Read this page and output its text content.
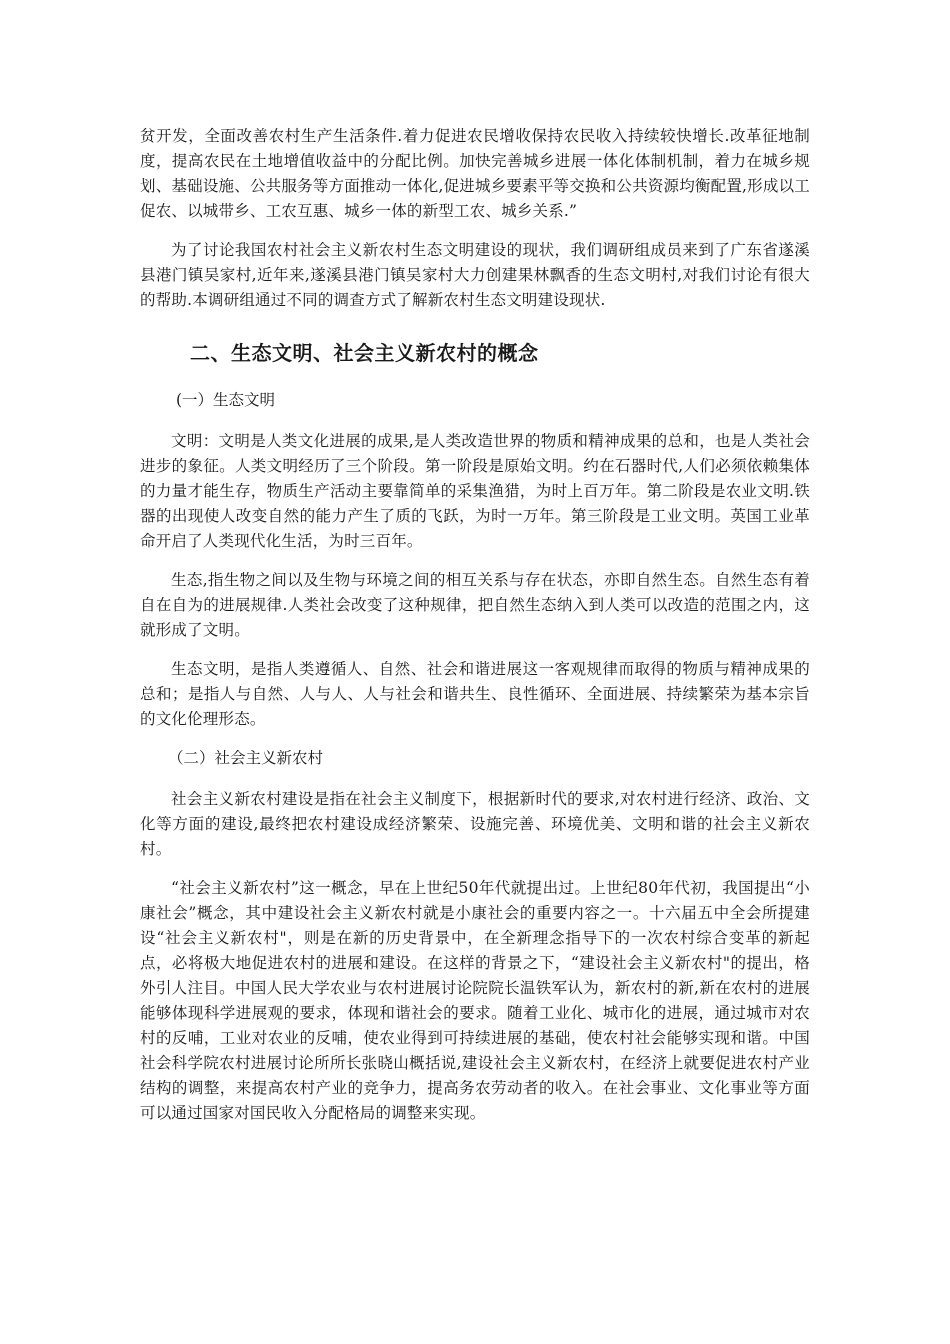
贫开发，全面改善农村生产生活条件.着力促进农民增收保持农民收入持续较快增长.改革征地制度，提高农民在土地增值收益中的分配比例。加快完善城乡进展一体化体制机制，着力在城乡规划、基础设施、公共服务等方面推动一体化,促进城乡要素平等交换和公共资源均衡配置,形成以工促农、以城带乡、工农互惠、城乡一体的新型工农、城乡关系.”

为了讨论我国农村社会主义新农村生态文明建设的现状，我们调研组成员来到了广东省遂溪县港门镇吴家村,近年来,遂溪县港门镇吴家村大力创建果林飘香的生态文明村,对我们讨论有很大的帮助.本调研组通过不同的调查方式了解新农村生态文明建设现状.

二、生态文明、社会主义新农村的概念
(一）生态文明

文明：文明是人类文化进展的成果,是人类改造世界的物质和精神成果的总和，也是人类社会进步的象征。人类文明经历了三个阶段。第一阶段是原始文明。约在石器时代,人们必须依赖集体的力量才能生存，物质生产活动主要靠简单的采集渔猎，为时上百万年。第二阶段是农业文明.铁器的出现使人改变自然的能力产生了质的飞跃，为时一万年。第三阶段是工业文明。英国工业革命开启了人类现代化生活，为时三百年。

生态,指生物之间以及生物与环境之间的相互关系与存在状态，亦即自然生态。自然生态有着自在自为的进展规律.人类社会改变了这种规律，把自然生态纳入到人类可以改造的范围之内，这就形成了文明。

生态文明，是指人类遵循人、自然、社会和谐进展这一客观规律而取得的物质与精神成果的总和；是指人与自然、人与人、人与社会和谐共生、良性循环、全面进展、持续繁荣为基本宗旨的文化伦理形态。

（二）社会主义新农村

社会主义新农村建设是指在社会主义制度下，根据新时代的要求,对农村进行经济、政治、文化等方面的建设,最终把农村建设成经济繁荣、设施完善、环境优美、文明和谐的社会主义新农村。

“社会主义新农村”这一概念，早在上世纪50年代就提出过。上世纪80年代初，我国提出“小康社会”概念，其中建设社会主义新农村就是小康社会的重要内容之一。十六届五中全会所提建设“社会主义新农村"，则是在新的历史背景中，在全新理念指导下的一次农村综合变革的新起点，必将极大地促进农村的进展和建设。在这样的背景之下，“建设社会主义新农村"的提出，格外引人注目。中国人民大学农业与农村进展讨论院院长温铁军认为，新农村的新,新在农村的进展能够体现科学进展观的要求，体现和谐社会的要求。随着工业化、城市化的进展，通过城市对农村的反哺，工业对农业的反哺，使农业得到可持续进展的基础，使农村社会能够实现和谐。中国社会科学院农村进展讨论所所长张晓山概括说,建设社会主义新农村，在经济上就要促进农村产业结构的调整，来提高农村产业的竞争力，提高务农劳动者的收入。在社会事业、文化事业等方面可以通过国家对国民收入分配格局的调整来实现。
